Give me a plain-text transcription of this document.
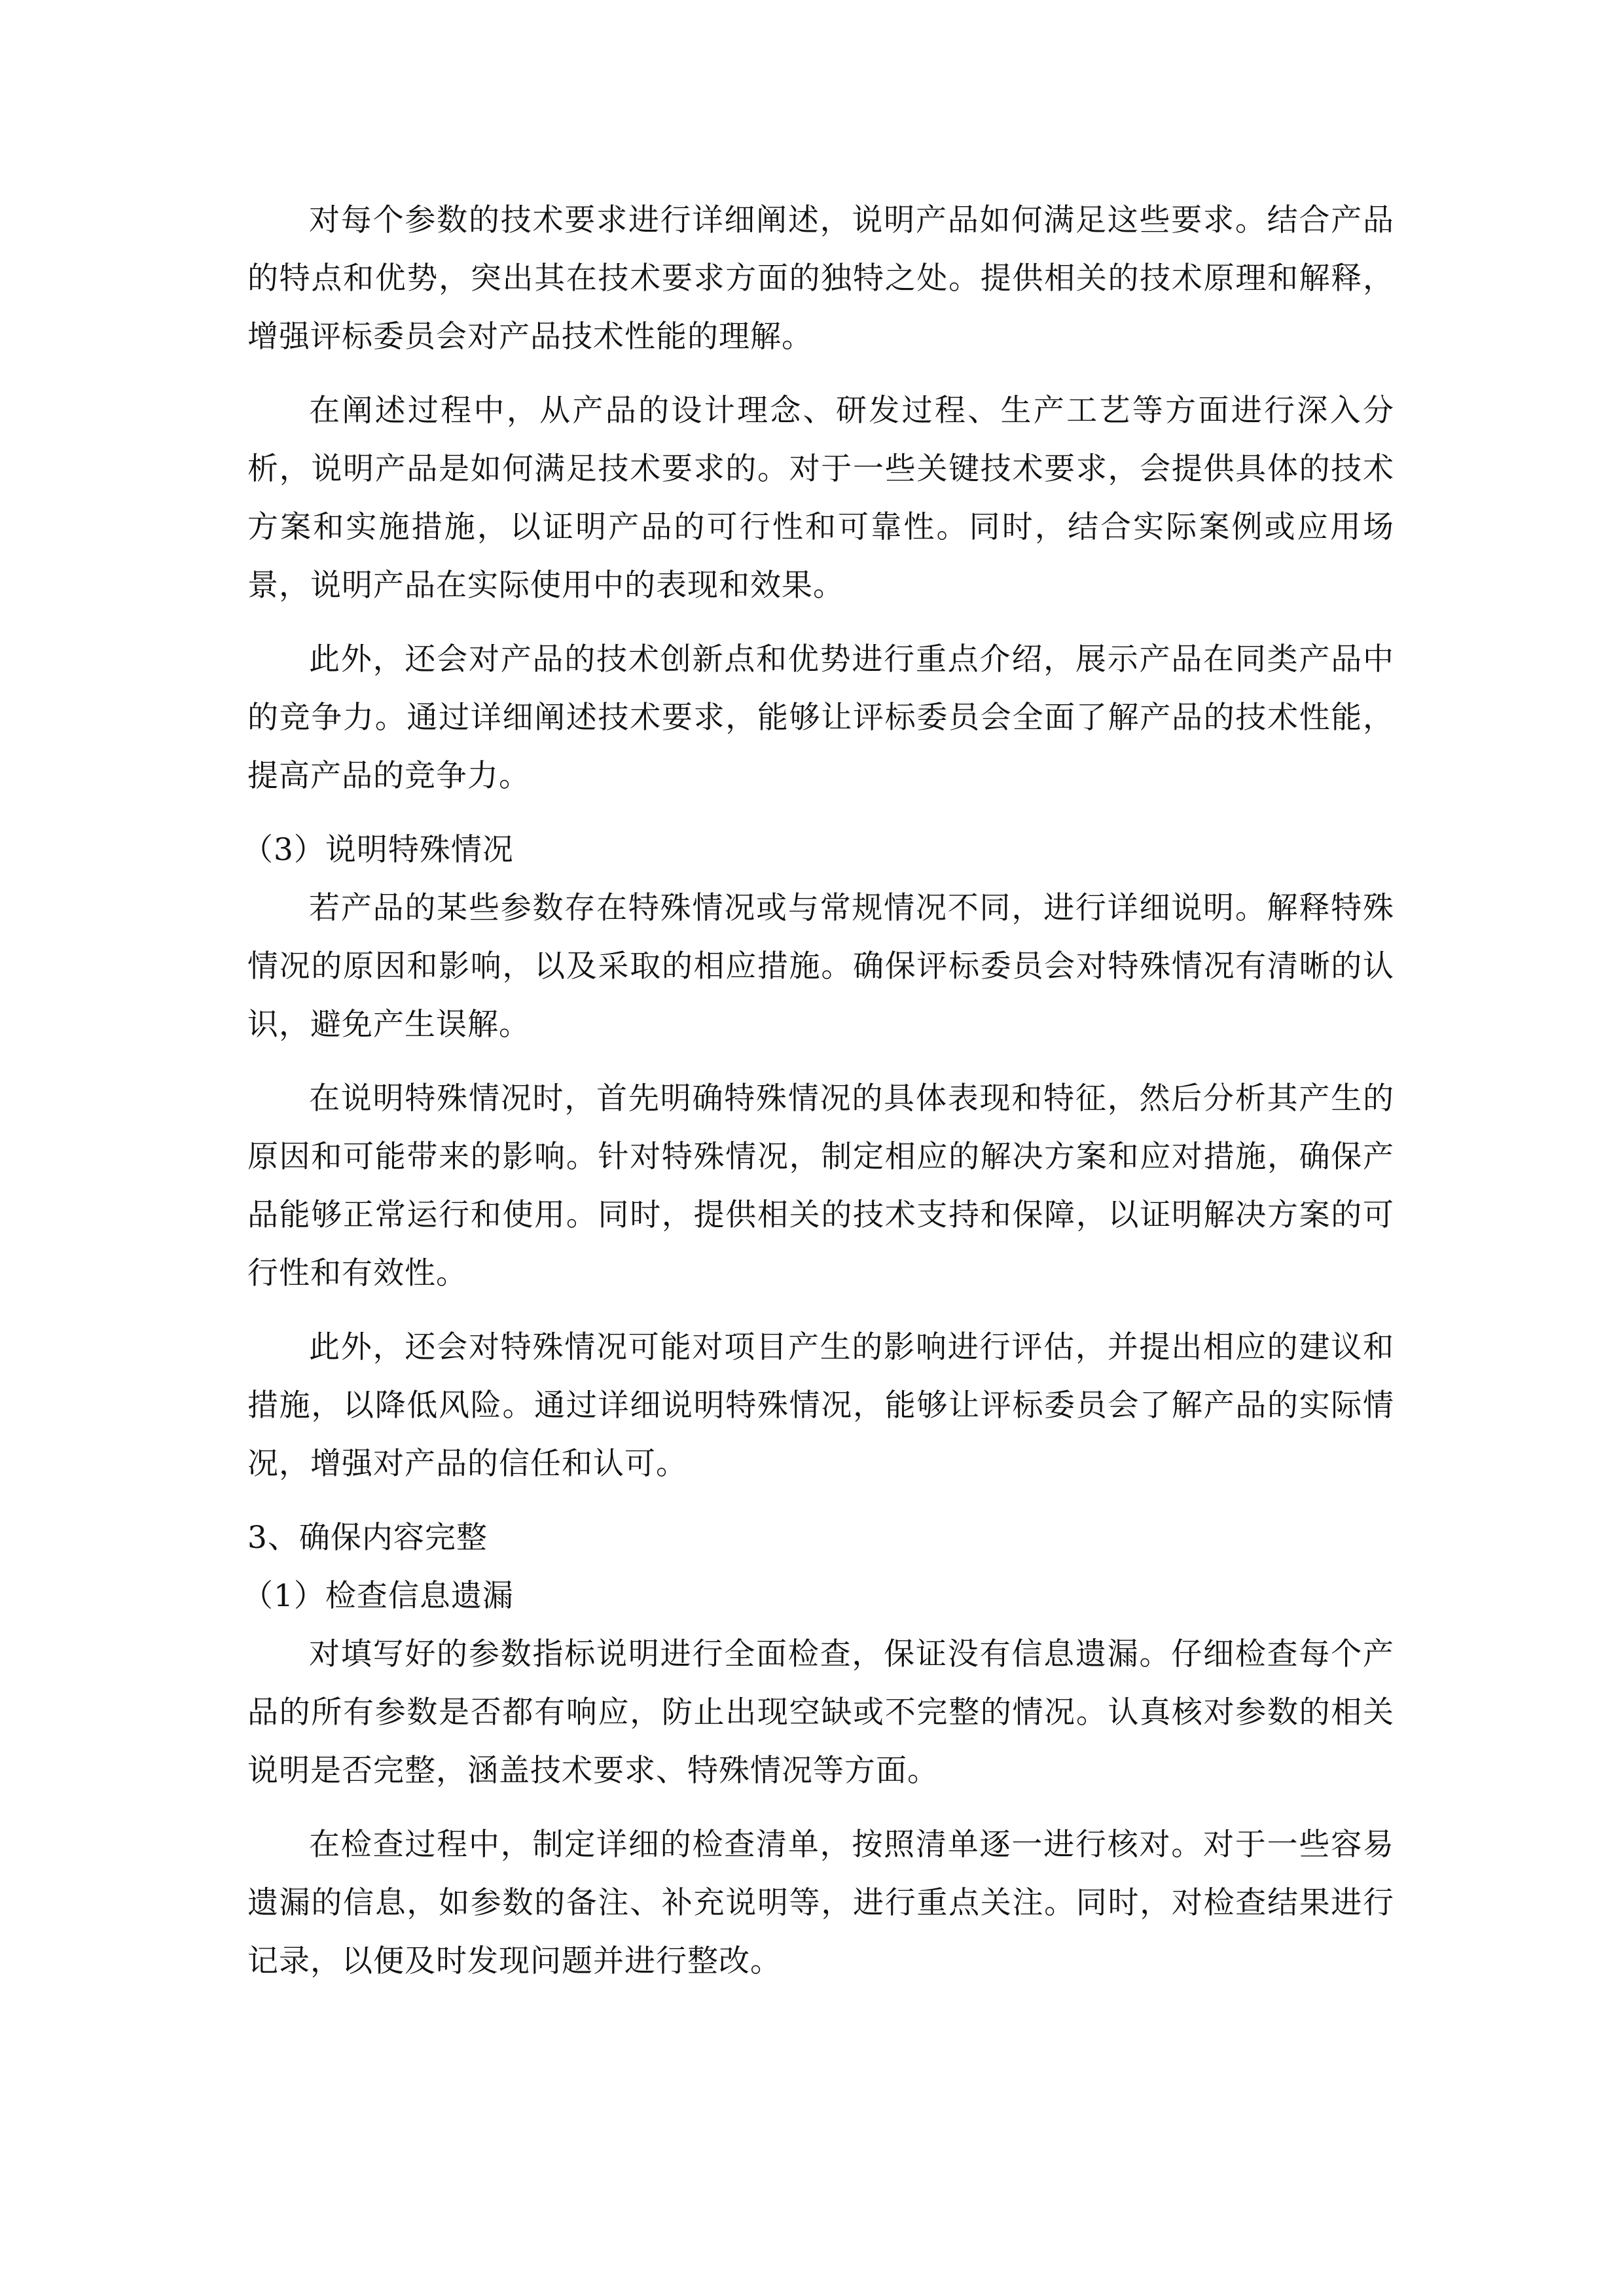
对每个参数的技术要求进行详细阐述，说明产品如何满足这些要求。结合产品的特点和优势，突出其在技术要求方面的独特之处。提供相关的技术原理和解释，增强评标委员会对产品技术性能的理解。

在阐述过程中，从产品的设计理念、研发过程、生产工艺等方面进行深入分析，说明产品是如何满足技术要求的。对于一些关键技术要求，会提供具体的技术方案和实施措施，以证明产品的可行性和可靠性。同时，结合实际案例或应用场景，说明产品在实际使用中的表现和效果。

此外，还会对产品的技术创新点和优势进行重点介绍，展示产品在同类产品中的竞争力。通过详细阐述技术要求，能够让评标委员会全面了解产品的技术性能，提高产品的竞争力。

（3）说明特殊情况

若产品的某些参数存在特殊情况或与常规情况不同，进行详细说明。解释特殊情况的原因和影响，以及采取的相应措施。确保评标委员会对特殊情况有清晰的认识，避免产生误解。

在说明特殊情况时，首先明确特殊情况的具体表现和特征，然后分析其产生的原因和可能带来的影响。针对特殊情况，制定相应的解决方案和应对措施，确保产品能够正常运行和使用。同时，提供相关的技术支持和保障，以证明解决方案的可行性和有效性。

此外，还会对特殊情况可能对项目产生的影响进行评估，并提出相应的建议和措施，以降低风险。通过详细说明特殊情况，能够让评标委员会了解产品的实际情况，增强对产品的信任和认可。

3、确保内容完整

（1）检查信息遗漏

对填写好的参数指标说明进行全面检查，保证没有信息遗漏。仔细检查每个产品的所有参数是否都有响应，防止出现空缺或不完整的情况。认真核对参数的相关说明是否完整，涵盖技术要求、特殊情况等方面。

在检查过程中，制定详细的检查清单，按照清单逐一进行核对。对于一些容易遗漏的信息，如参数的备注、补充说明等，进行重点关注。同时，对检查结果进行记录，以便及时发现问题并进行整改。
